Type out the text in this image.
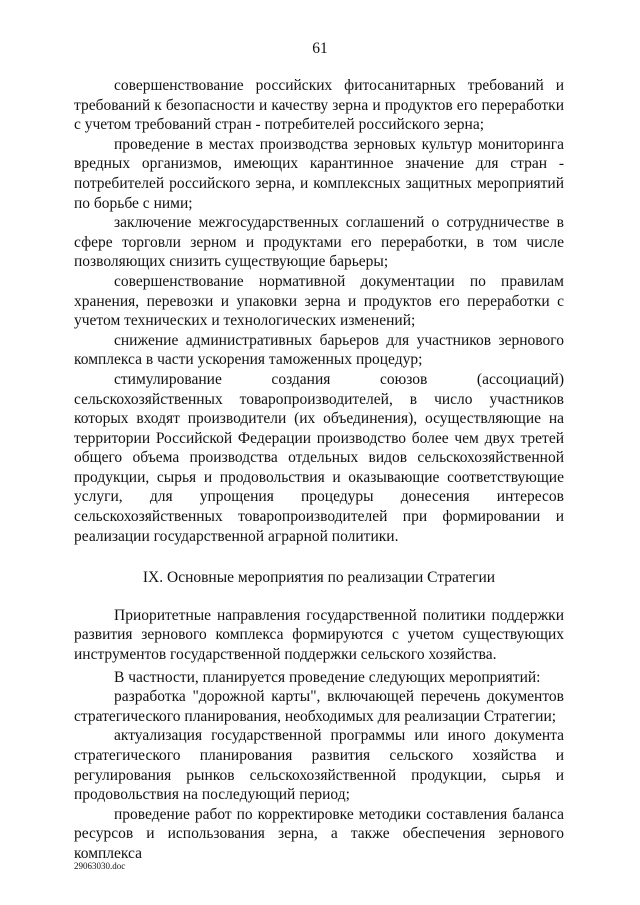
61

совершенствование российских фитосанитарных требований и требований к безопасности и качеству зерна и продуктов его переработки с учетом требований стран - потребителей российского зерна;

проведение в местах производства зерновых культур мониторинга вредных организмов, имеющих карантинное значение для стран - потребителей российского зерна, и комплексных защитных мероприятий по борьбе с ними;

заключение межгосударственных соглашений о сотрудничестве в сфере торговли зерном и продуктами его переработки, в том числе позволяющих снизить существующие барьеры;

совершенствование нормативной документации по правилам хранения, перевозки и упаковки зерна и продуктов его переработки с учетом технических и технологических изменений;

снижение административных барьеров для участников зернового комплекса в части ускорения таможенных процедур;

стимулирование создания союзов (ассоциаций) сельскохозяйственных товаропроизводителей, в число участников которых входят производители (их объединения), осуществляющие на территории Российской Федерации производство более чем двух третей общего объема производства отдельных видов сельскохозяйственной продукции, сырья и продовольствия и оказывающие соответствующие услуги, для упрощения процедуры донесения интересов сельскохозяйственных товаропроизводителей при формировании и реализации государственной аграрной политики.

IX. Основные мероприятия по реализации Стратегии

Приоритетные направления государственной политики поддержки развития зернового комплекса формируются с учетом существующих инструментов государственной поддержки сельского хозяйства.

В частности, планируется проведение следующих мероприятий:

разработка "дорожной карты", включающей перечень документов стратегического планирования, необходимых для реализации Стратегии;

актуализация государственной программы или иного документа стратегического планирования развития сельского хозяйства и регулирования рынков сельскохозяйственной продукции, сырья и продовольствия на последующий период;

проведение работ по корректировке методики составления баланса ресурсов и использования зерна, а также обеспечения зернового комплекса

29063030.doc
